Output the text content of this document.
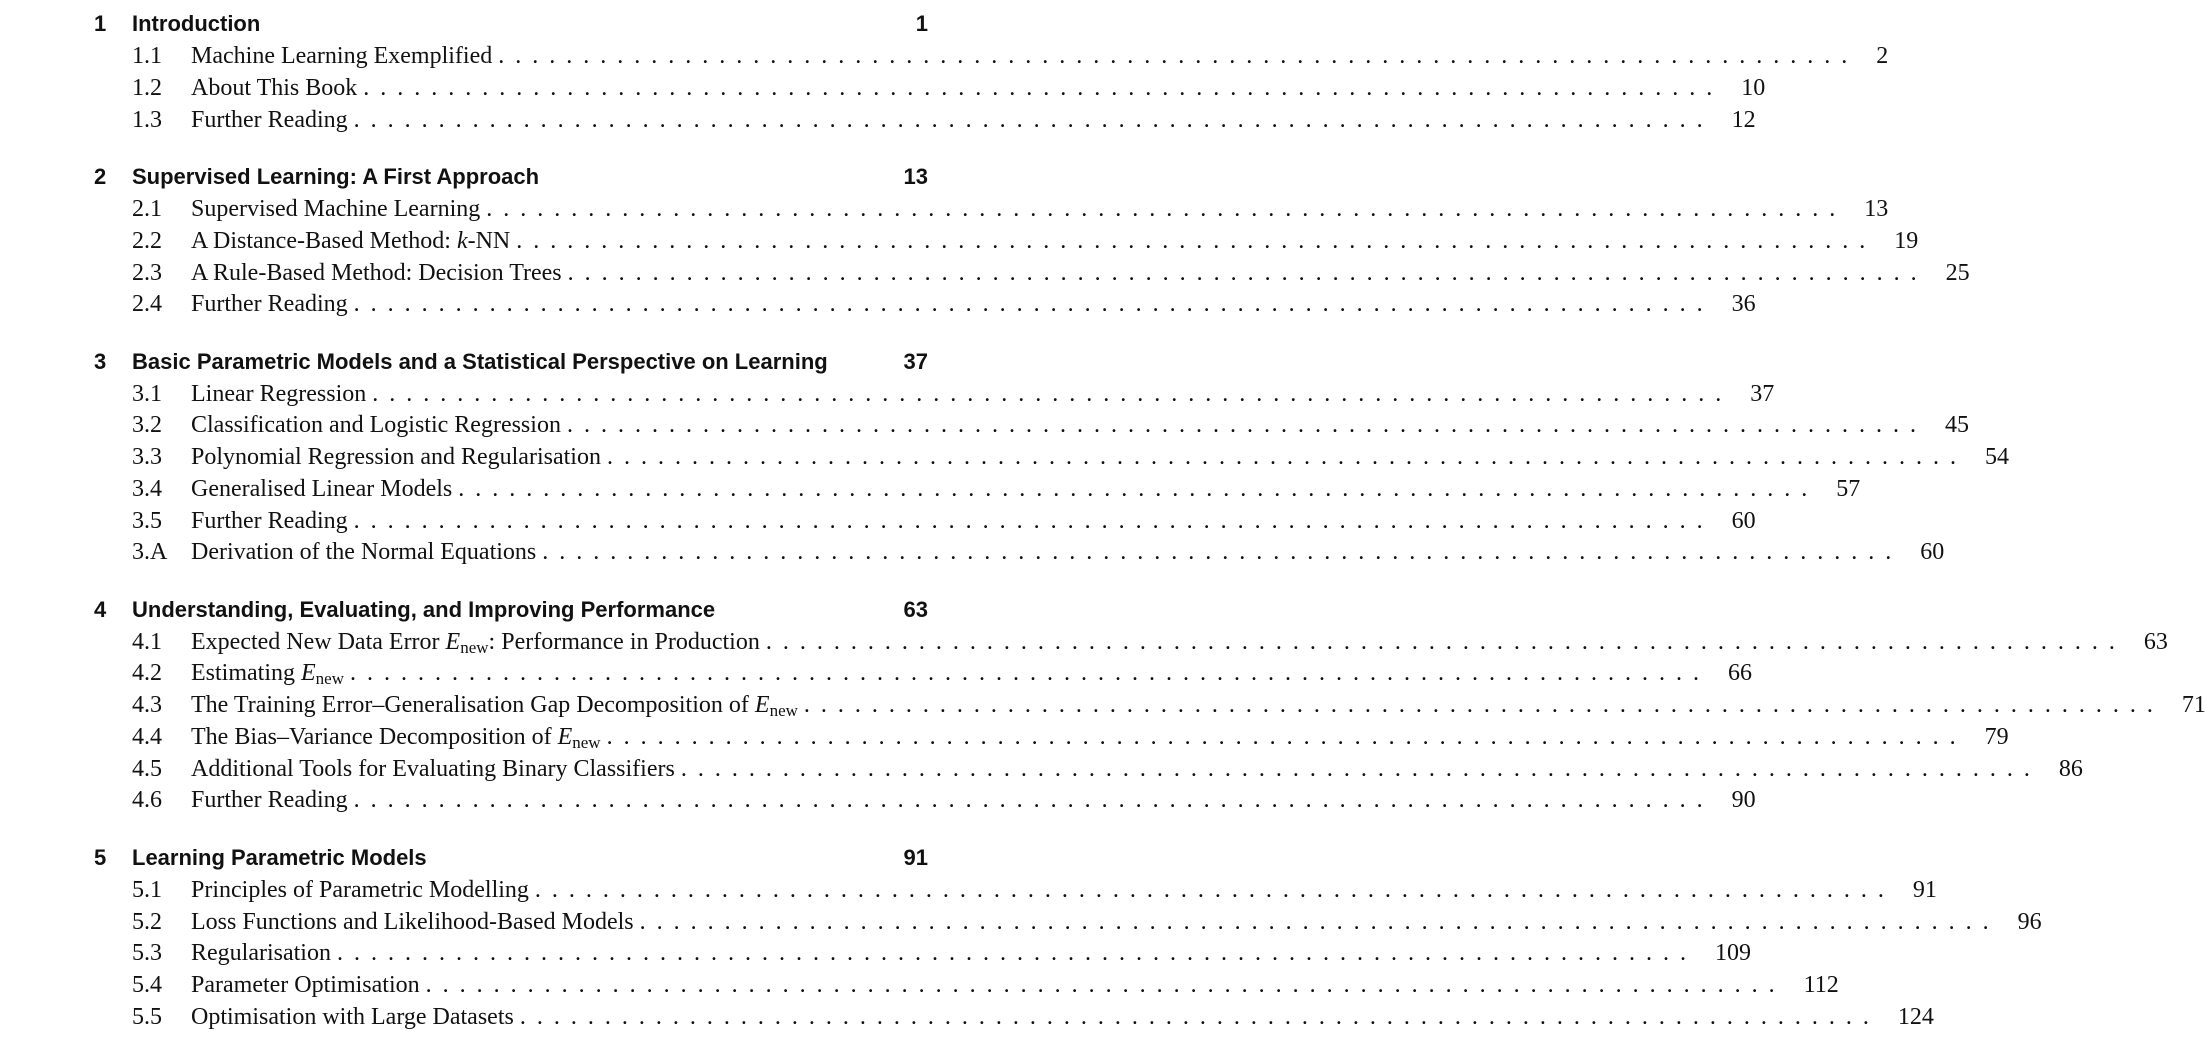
1 Introduction	1
1.1 Machine Learning Exemplified ................................................................................ 2
1.2 About This Book ................................................................................ 10
1.3 Further Reading ................................................................................ 12
2 Supervised Learning: A First Approach	13
2.1 Supervised Machine Learning ................................................................................ 13
2.2 A Distance-Based Method: k-NN ................................................................................ 19
2.3 A Rule-Based Method: Decision Trees ................................................................................ 25
2.4 Further Reading ................................................................................ 36
3 Basic Parametric Models and a Statistical Perspective on Learning	37
3.1 Linear Regression ................................................................................ 37
3.2 Classification and Logistic Regression ................................................................................ 45
3.3 Polynomial Regression and Regularisation ................................................................................ 54
3.4 Generalised Linear Models ................................................................................ 57
3.5 Further Reading ................................................................................ 60
3.A Derivation of the Normal Equations ................................................................................ 60
4 Understanding, Evaluating, and Improving Performance	63
4.1 Expected New Data Error $E_{new}$: Performance in Production ................................................................................ 63
4.2 Estimating $E_{new}$ ................................................................................ 66
4.3 The Training Error–Generalisation Gap Decomposition of $E_{new}$ ................................................................................ 71
4.4 The Bias–Variance Decomposition of $E_{new}$ ................................................................................ 79
4.5 Additional Tools for Evaluating Binary Classifiers ................................................................................ 86
4.6 Further Reading ................................................................................ 90
5 Learning Parametric Models	91
5.1 Principles of Parametric Modelling ................................................................................ 91
5.2 Loss Functions and Likelihood-Based Models ................................................................................ 96
5.3 Regularisation ................................................................................ 109
5.4 Parameter Optimisation ................................................................................ 112
5.5 Optimisation with Large Datasets ................................................................................ 124
